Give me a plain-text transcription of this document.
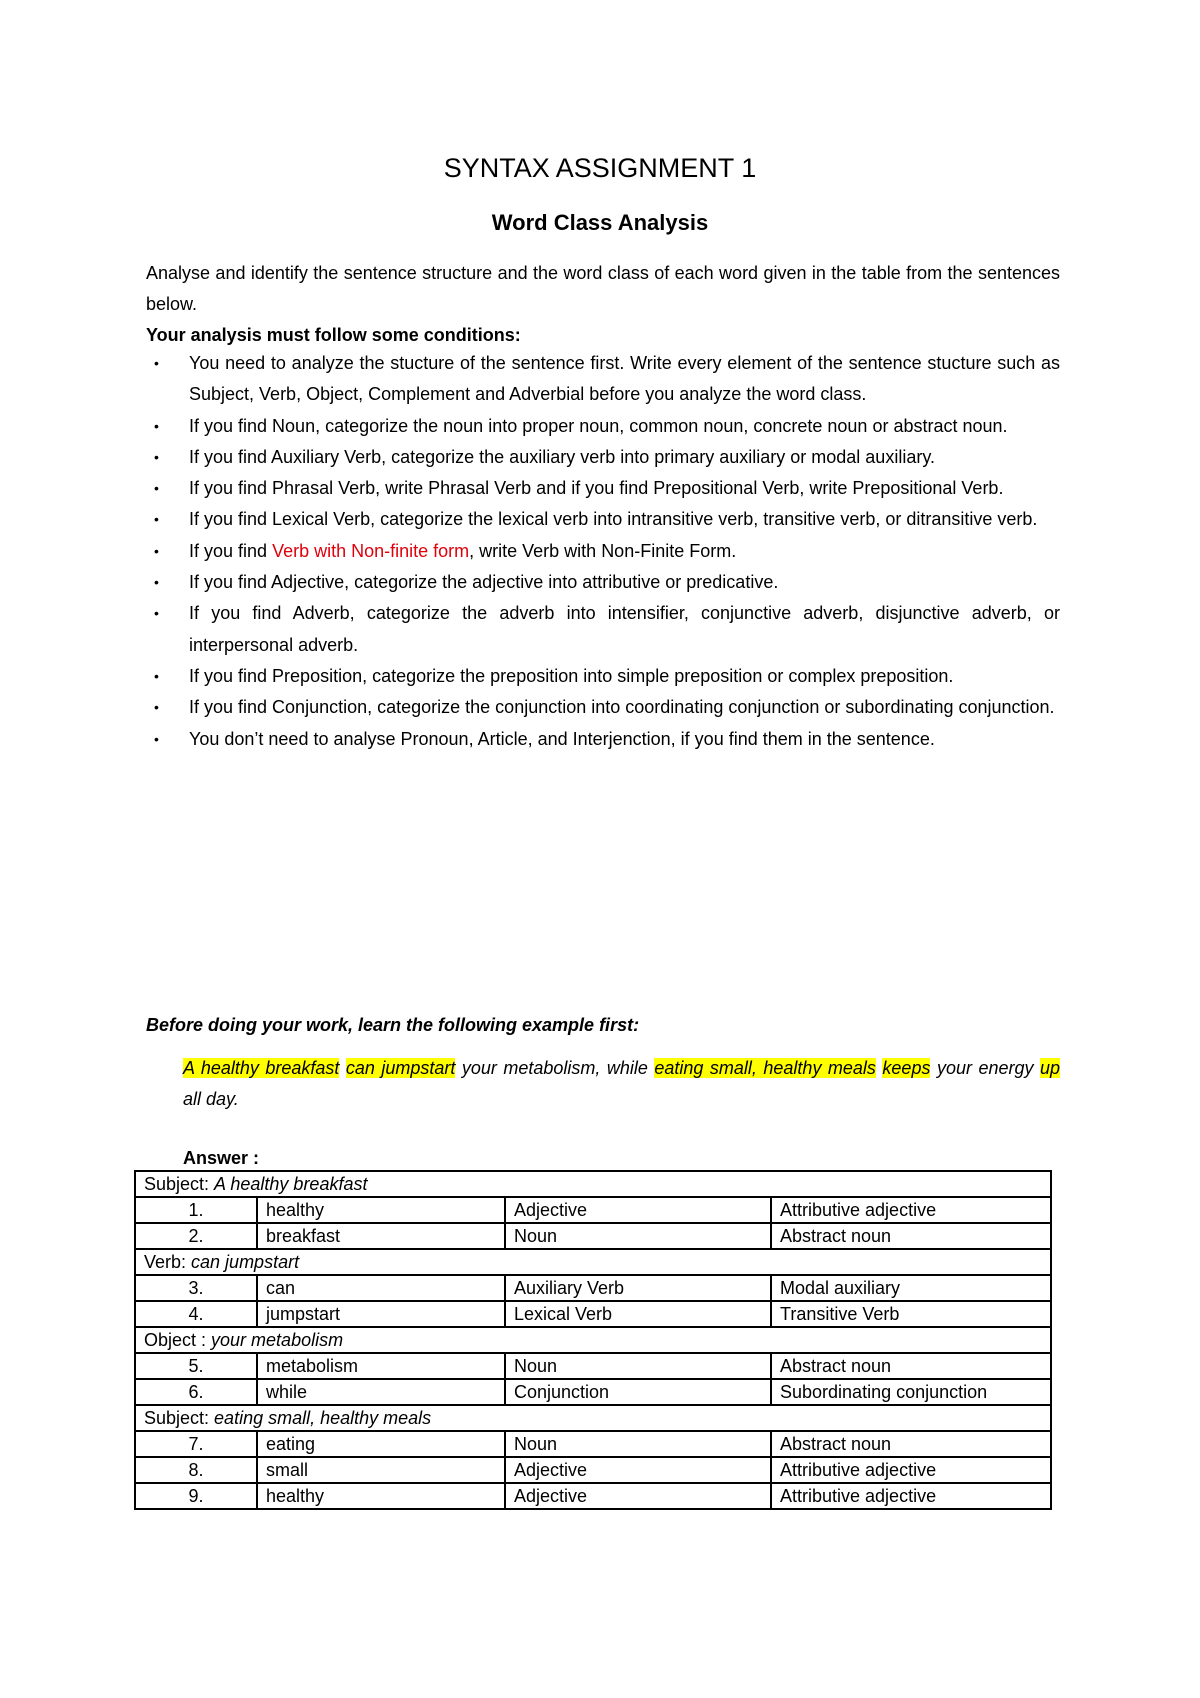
SYNTAX ASSIGNMENT 1
Word Class Analysis
Analyse and identify the sentence structure and the word class of each word given in the table from the sentences below.
Your analysis must follow some conditions:
• You need to analyze the stucture of the sentence first. Write every element of the sentence stucture such as Subject, Verb, Object, Complement and Adverbial before you analyze the word class.
• If you find Noun, categorize the noun into proper noun, common noun, concrete noun or abstract noun.
• If you find Auxiliary Verb, categorize the auxiliary verb into primary auxiliary or modal auxiliary.
• If you find Phrasal Verb, write Phrasal Verb and if you find Prepositional Verb, write Prepositional Verb.
• If you find Lexical Verb, categorize the lexical verb into intransitive verb, transitive verb, or ditransitive verb.
• If you find Verb with Non-finite form, write Verb with Non-Finite Form.
• If you find Adjective, categorize the adjective into attributive or predicative.
• If you find Adverb, categorize the adverb into intensifier, conjunctive adverb, disjunctive adverb, or interpersonal adverb.
• If you find Preposition, categorize the preposition into simple preposition or complex preposition.
• If you find Conjunction, categorize the conjunction into coordinating conjunction or subordinating conjunction.
• You don’t need to analyse Pronoun, Article, and Interjenction, if you find them in the sentence.
Before doing your work, learn the following example first:
A healthy breakfast can jumpstart your metabolism, while eating small, healthy meals keeps your energy up all day.
Answer :
Subject: A healthy breakfast			
1.	healthy	Adjective	Attributive adjective
2.	breakfast	Noun	Abstract noun
Verb: can jumpstart			
3.	can	Auxiliary Verb	Modal auxiliary
4.	jumpstart	Lexical Verb	Transitive Verb
Object : your metabolism			
5.	metabolism	Noun	Abstract noun
6.	while	Conjunction	Subordinating conjunction
Subject: eating small, healthy meals			
7.	eating	Noun	Abstract noun
8.	small	Adjective	Attributive adjective
9.	healthy	Adjective	Attributive adjective
